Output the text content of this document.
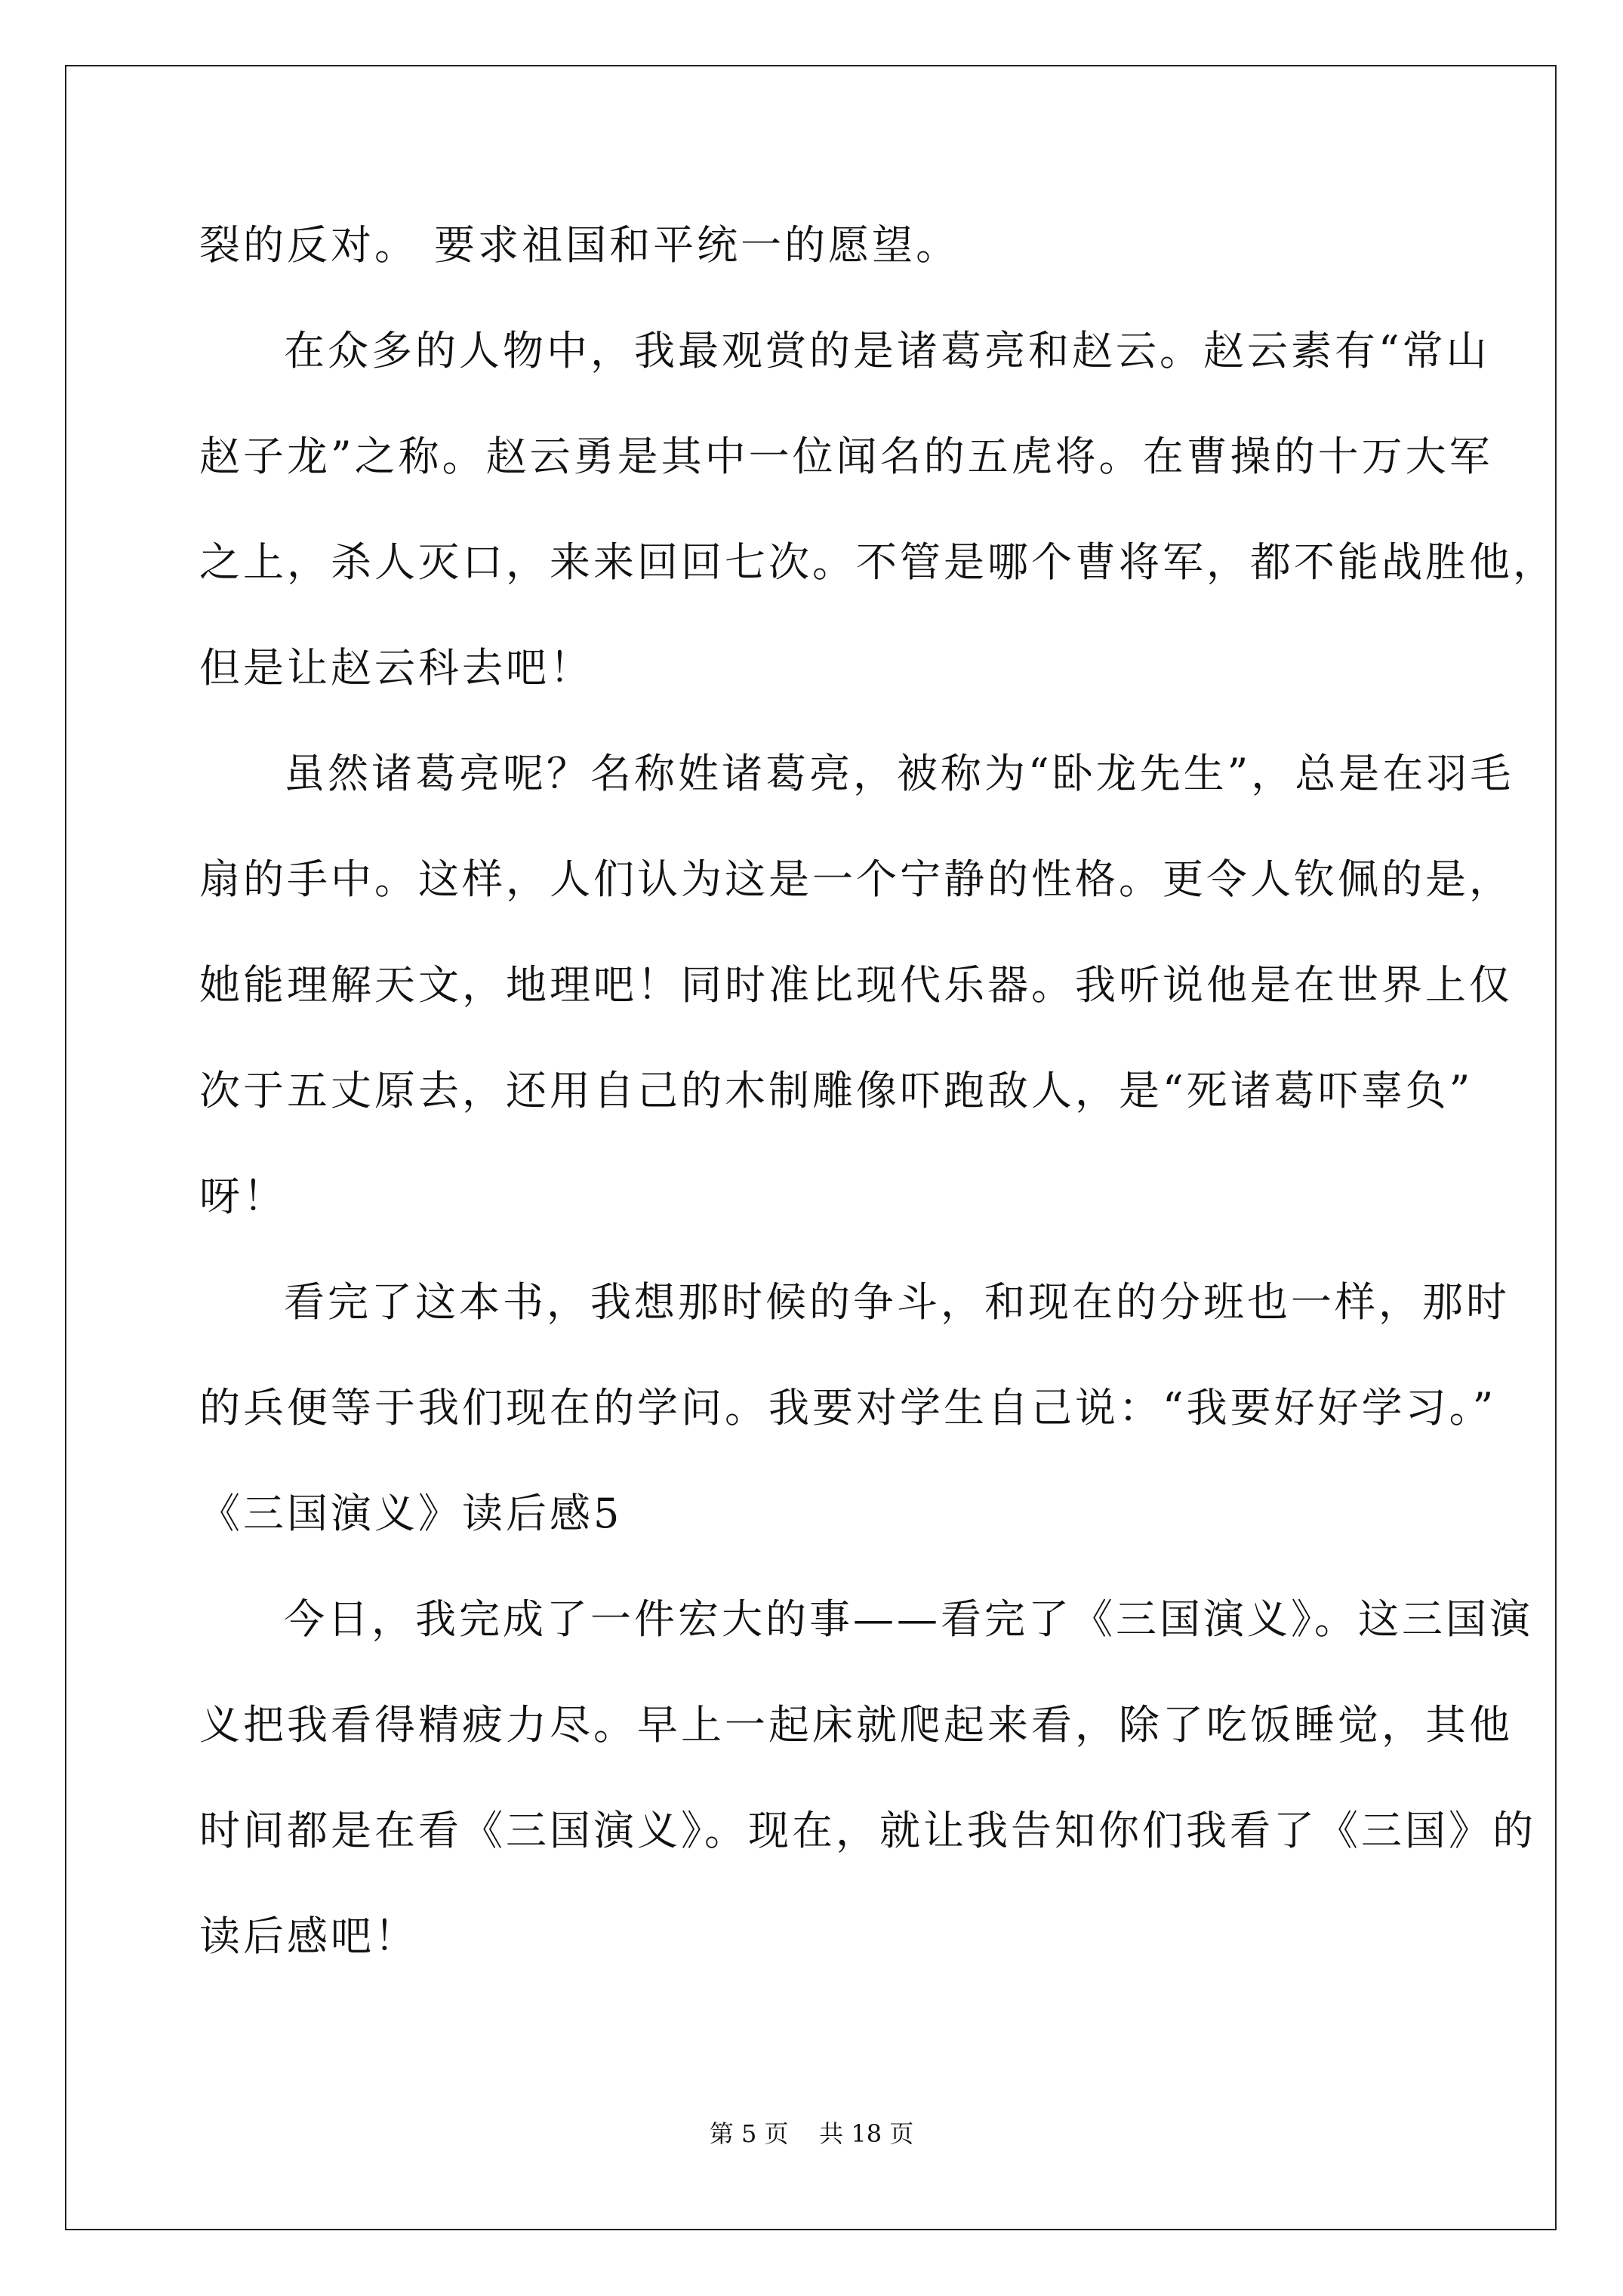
裂的反对。 要求祖国和平统一的愿望。
在众多的人物中，我最观赏的是诸葛亮和赵云。赵云素有“常山
赵子龙”之称。赵云勇是其中一位闻名的五虎将。在曹操的十万大军
之上，杀人灭口，来来回回七次。不管是哪个曹将军，都不能战胜他，
但是让赵云科去吧！
虽然诸葛亮呢？名称姓诸葛亮，被称为“卧龙先生”，总是在羽毛
扇的手中。这样，人们认为这是一个宁静的性格。更令人钦佩的是，
她能理解天文，地理吧！同时准比现代乐器。我听说他是在世界上仅
次于五丈原去，还用自己的木制雕像吓跑敌人，是“死诸葛吓辜负”
呀！
看完了这本书，我想那时候的争斗，和现在的分班也一样，那时
的兵便等于我们现在的学问。我要对学生自己说：“我要好好学习。”
《三国演义》读后感5
今日，我完成了一件宏大的事——看完了《三国演义》。这三国演
义把我看得精疲力尽。早上一起床就爬起来看，除了吃饭睡觉，其他
时间都是在看《三国演义》。现在，就让我告知你们我看了《三国》的
读后感吧！
第 5 页    共 18 页
